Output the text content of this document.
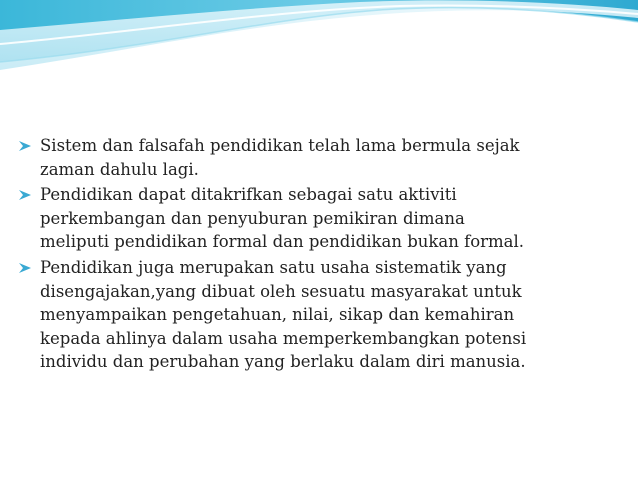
Sistem dan falsafah pendidikan telah lama bermula sejak

zaman dahulu lagi.

Pendidikan dapat ditakrifkan sebagai satu aktiviti

perkembangan dan penyuburan pemikiran dimana

meliputi pendidikan formal dan pendidikan bukan formal.

Pendidikan juga merupakan satu usaha sistematik yang

disengajakan,yang dibuat oleh sesuatu masyarakat untuk

menyampaikan pengetahuan, nilai, sikap dan kemahiran

kepada ahlinya dalam usaha memperkembangkan potensi

individu dan perubahan yang berlaku dalam diri manusia.
